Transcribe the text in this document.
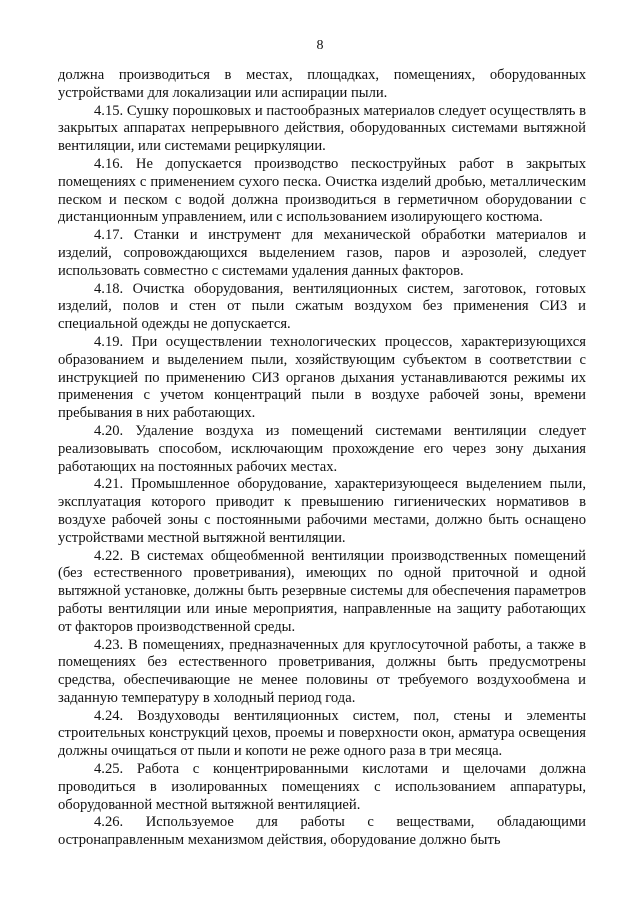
8

должна производиться в местах, площадках, помещениях, оборудованных устройствами для локализации или аспирации пыли.

4.15. Сушку порошковых и пастообразных материалов следует осуществлять в закрытых аппаратах непрерывного действия, оборудованных системами вытяжной вентиляции, или системами рециркуляции.

4.16. Не допускается производство пескоструйных работ в закрытых помещениях с применением сухого песка. Очистка изделий дробью, металлическим песком и песком с водой должна производиться в герметичном оборудовании с дистанционным управлением, или с использованием изолирующего костюма.

4.17. Станки и инструмент для механической обработки материалов и изделий, сопровождающихся выделением газов, паров и аэрозолей, следует использовать совместно с системами удаления данных факторов.

4.18. Очистка оборудования, вентиляционных систем, заготовок, готовых изделий, полов и стен от пыли сжатым воздухом без применения СИЗ и специальной одежды не допускается.

4.19. При осуществлении технологических процессов, характеризующихся образованием и выделением пыли, хозяйствующим субъектом в соответствии с инструкцией по применению СИЗ органов дыхания устанавливаются режимы их применения с учетом концентраций пыли в воздухе рабочей зоны, времени пребывания в них работающих.

4.20. Удаление воздуха из помещений системами вентиляции следует реализовывать способом, исключающим прохождение его через зону дыхания работающих на постоянных рабочих местах.

4.21. Промышленное оборудование, характеризующееся выделением пыли, эксплуатация которого приводит к превышению гигиенических нормативов в воздухе рабочей зоны с постоянными рабочими местами, должно быть оснащено устройствами местной вытяжной вентиляции.

4.22. В системах общеобменной вентиляции производственных помещений (без естественного проветривания), имеющих по одной приточной и одной вытяжной установке, должны быть резервные системы для обеспечения параметров работы вентиляции или иные мероприятия, направленные на защиту работающих от факторов производственной среды.

4.23. В помещениях, предназначенных для круглосуточной работы, а также в помещениях без естественного проветривания, должны быть предусмотрены средства, обеспечивающие не менее половины от требуемого воздухообмена и заданную температуру в холодный период года.

4.24. Воздуховоды вентиляционных систем, пол, стены и элементы строительных конструкций цехов, проемы и поверхности окон, арматура освещения должны очищаться от пыли и копоти не реже одного раза в три месяца.

4.25. Работа с концентрированными кислотами и щелочами должна проводиться в изолированных помещениях с использованием аппаратуры, оборудованной местной вытяжной вентиляцией.

4.26. Используемое для работы с веществами, обладающими остронаправленным механизмом действия, оборудование должно быть
